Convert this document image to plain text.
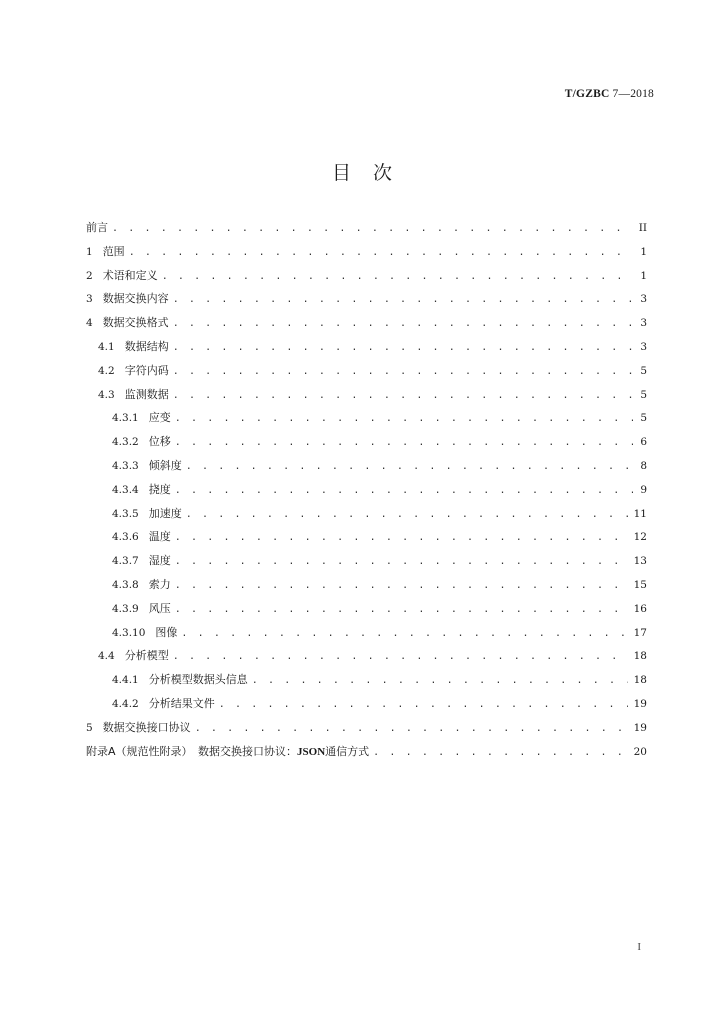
T/GZBC 7—2018
目次
前言 . . .	II
1 范围 . . .	1
2 术语和定义 . . .	1
3 数据交换内容 . . .	3
4 数据交换格式 . . .	3
4.1 数据结构 . . .	3
4.2 字符内码 . . .	5
4.3 监测数据 . . .	5
4.3.1 应变 . . .	5
4.3.2 位移 . . .	6
4.3.3 倾斜度 . . .	8
4.3.4 挠度 . . .	9
4.3.5 加速度 . . .	11
4.3.6 温度 . . .	12
4.3.7 湿度 . . .	13
4.3.8 索力 . . .	15
4.3.9 风压 . . .	16
4.3.10 图像 . . .	17
4.4 分析模型 . . .	18
4.4.1 分析模型数据头信息 . . .	18
4.4.2 分析结果文件 . . .	19
5 数据交换接口协议 . . .	19
附录A（规范性附录）　数据交换接口协议：JSON通信方式 . . .	20
I
